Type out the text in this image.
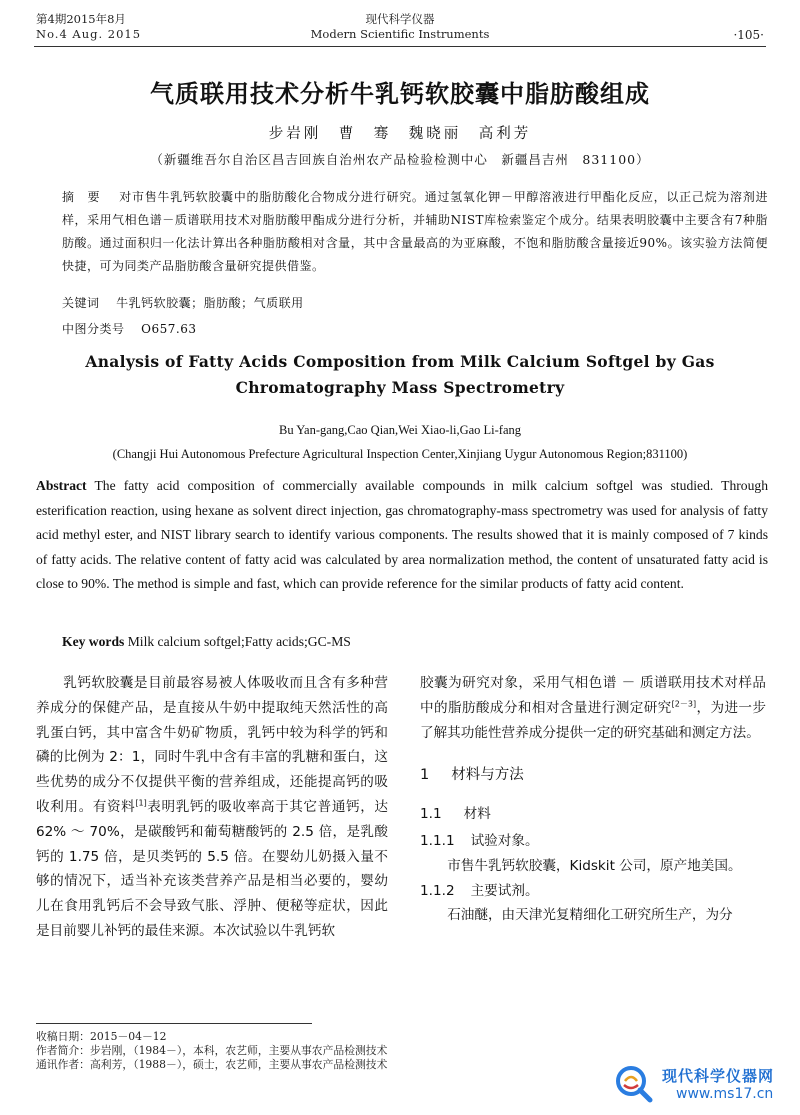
第4期2015年8月
No.4 Aug. 2015
现代科学仪器
Modern Scientific Instruments	·105·
气质联用技术分析牛乳钙软胶囊中脂肪酸组成
步岩刚　曹　骞　魏晓丽　高利芳
（新疆维吾尔自治区昌吉回族自治州农产品检验检测中心　新疆昌吉州　831100）
摘　要 对市售牛乳钙软胶囊中的脂肪酸化合物成分进行研究。通过氢氧化钾－甲醇溶液进行甲酯化反应，以正己烷为溶剂进样，采用气相色谱－质谱联用技术对脂肪酸甲酯成分进行分析，并辅助NIST库检索鉴定个成分。结果表明胶囊中主要含有7种脂肪酸。通过面积归一化法计算出各种脂肪酸相对含量，其中含量最高的为亚麻酸，不饱和脂肪酸含量接近90%。该实验方法简便快捷，可为同类产品脂肪酸含量研究提供借鉴。
关键词 牛乳钙软胶囊；脂肪酸；气质联用
中图分类号 O657.63
Analysis of Fatty Acids Composition from Milk Calcium Softgel by Gas Chromatography Mass Spectrometry
Bu Yan-gang,Cao Qian,Wei Xiao-li,Gao Li-fang
(Changji Hui Autonomous Prefecture Agricultural Inspection Center,Xinjiang Uygur Autonomous Region;831100)
Abstract The fatty acid composition of commercially available compounds in milk calcium softgel was studied. Through esterification reaction, using hexane as solvent direct injection, gas chromatography-mass spectrometry was used for analysis of fatty acid methyl ester, and NIST library search to identify various components. The results showed that it is mainly composed of 7 kinds of fatty acids. The relative content of fatty acid was calculated by area normalization method, the content of unsaturated fatty acid is close to 90%. The method is simple and fast, which can provide reference for the similar products of fatty acid content.
Key words Milk calcium softgel;Fatty acids;GC-MS

乳钙软胶囊是目前最容易被人体吸收而且含有多种营养成分的保健产品，是直接从牛奶中提取纯天然活性的高乳蛋白钙，其中富含牛奶矿物质，乳钙中较为科学的钙和磷的比例为 2：1，同时牛乳中含有丰富的乳糖和蛋白，这些优势的成分不仅提供平衡的营养组成，还能提高钙的吸收利用。有资料[1]表明乳钙的吸收率高于其它普通钙，达 62% ～ 70%，是碳酸钙和葡萄糖酸钙的 2.5 倍，是乳酸钙的 1.75 倍，是贝类钙的 5.5 倍。在婴幼儿奶摄入量不够的情况下，适当补充该类营养产品是相当必要的，婴幼儿在食用乳钙后不会导致气胀、浮肿、便秘等症状，因此是目前婴儿补钙的最佳来源。本次试验以牛乳钙软

胶囊为研究对象，采用气相色谱 － 质谱联用技术对样品中的脂肪酸成分和相对含量进行测定研究[2－3]，为进一步了解其功能性营养成分提供一定的研究基础和测定方法。

1 材料与方法
1.1 材料
1.1.1 试验对象。

市售牛乳钙软胶囊，Kidskit 公司，原产地美国。

1.1.2 主要试剂。

石油醚，由天津光复精细化工研究所生产，为分

收稿日期：2015－04－12
作者简介：步岩刚，（1984－），本科，农艺师，主要从事农产品检测技术
通讯作者：高利芳，（1988－），硕士，农艺师，主要从事农产品检测技术
现代科学仪器网
www.ms17.cn
